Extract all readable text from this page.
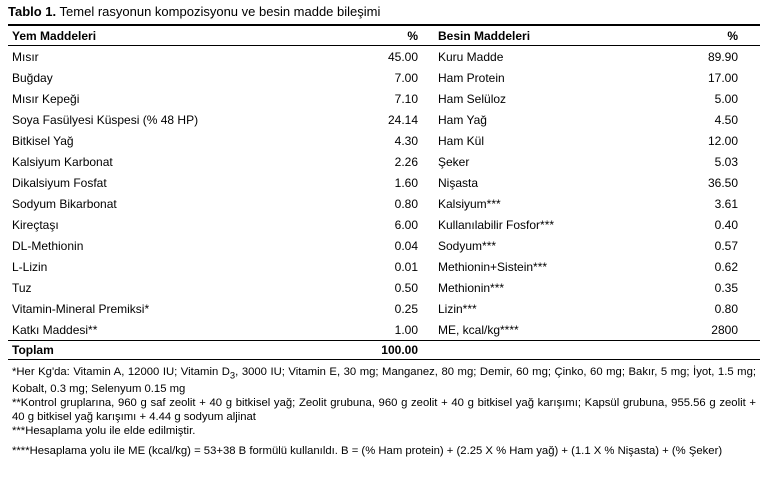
Tablo 1. Temel rasyonun kompozisyonu ve besin madde bileşimi
Yem Maddeleri	%	Besin Maddeleri	%
Mısır	45.00	Kuru Madde	89.90
Buğday	7.00	Ham Protein	17.00
Mısır Kepeği	7.10	Ham Selüloz	5.00
Soya Fasülyesi Küspesi (% 48 HP)	24.14	Ham Yağ	4.50
Bitkisel Yağ	4.30	Ham Kül	12.00
Kalsiyum Karbonat	2.26	Şeker	5.03
Dikalsiyum Fosfat	1.60	Nişasta	36.50
Sodyum Bikarbonat	0.80	Kalsiyum***	3.61
Kireçtaşı	6.00	Kullanılabilir Fosfor***	0.40
DL-Methionin	0.04	Sodyum***	0.57
L-Lizin	0.01	Methionin+Sistein***	0.62
Tuz	0.50	Methionin***	0.35
Vitamin-Mineral Premiksi*	0.25	Lizin***	0.80
Katkı Maddesi**	1.00	ME, kcal/kg****	2800
Toplam	100.00

*Her Kg'da: Vitamin A, 12000 IU; Vitamin $D_3$, 3000 IU; Vitamin E, 30 mg; Manganez, 80 mg; Demir, 60 mg; Çinko, 60 mg; Bakır, 5 mg; İyot, 1.5 mg; Kobalt, 0.3 mg; Selenyum 0.15 mg

**Kontrol gruplarına, 960 g saf zeolit + 40 g bitkisel yağ; Zeolit grubuna, 960 g zeolit + 40 g bitkisel yağ karışımı; Kapsül grubuna, 955.56 g zeolit + 40 g bitkisel yağ karışımı + 4.44 g sodyum aljinat

***Hesaplama yolu ile elde edilmiştir.

****Hesaplama yolu ile ME (kcal/kg) = 53+38 B formülü kullanıldı. B = (% Ham protein) + (2.25 X % Ham yağ) + (1.1 X % Nişasta) + (% Şeker)
